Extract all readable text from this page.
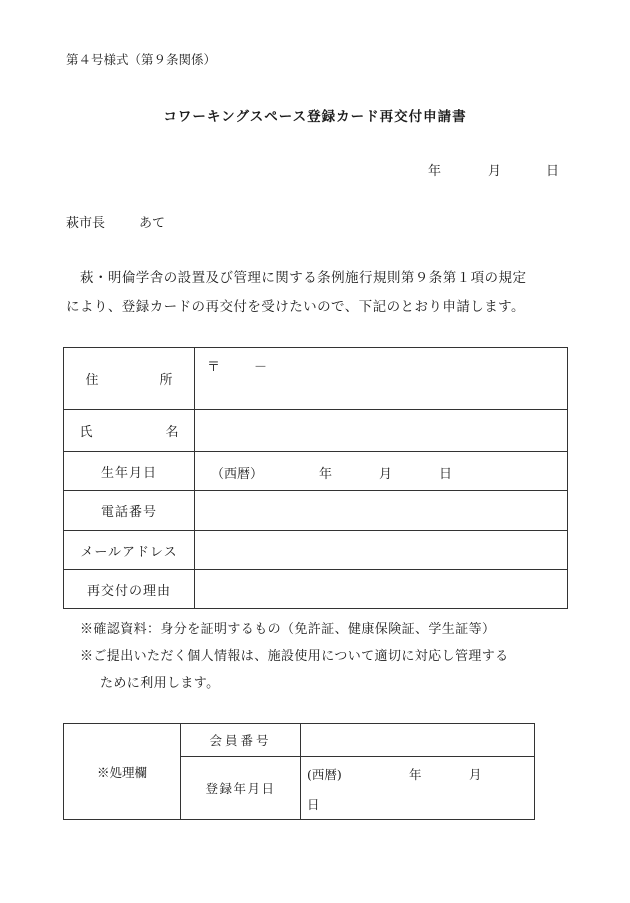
第４号様式（第９条関係）
コワーキングスペース登録カード再交付申請書
年	月	日
萩市長	あて
萩・明倫学舎の設置及び管理に関する条例施行規則第９条第１項の規定
により、登録カードの再交付を受けたいので、下記のとおり申請します。
住　所	〒 －

氏　名	
生年月日	（西暦） 年 月 日

電話番号	
メールアドレス	
再交付の理由	
※確認資料：身分を証明するもの（免許証、健康保険証、学生証等）
※ご提出いただく個人情報は、施設使用について適切に対応し管理する
ために利用します。
※処理欄	会員番号	
	登録年月日	(西暦) 年 月
日
